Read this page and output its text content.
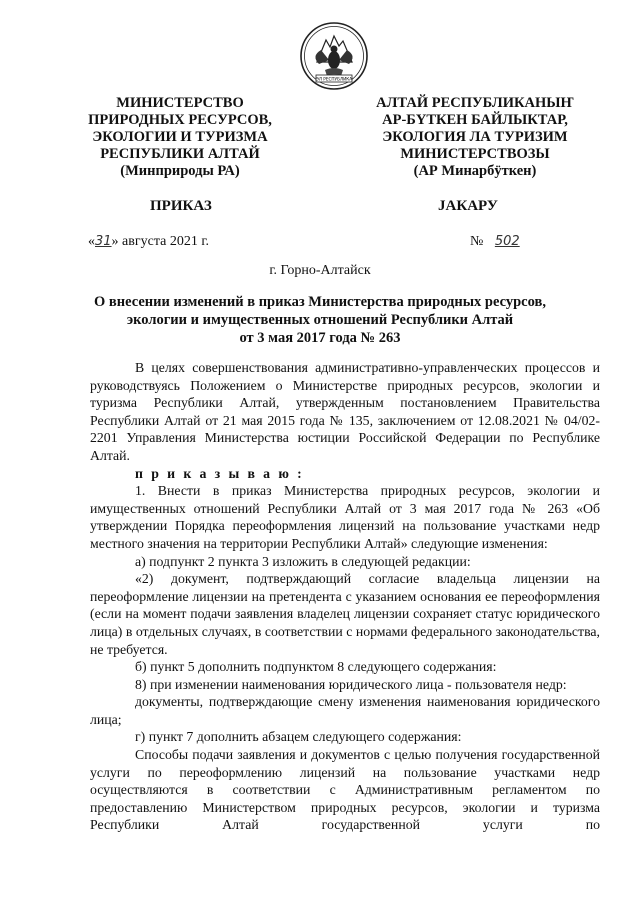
ЭЛ РЕСПУБЛИКА
МИНИСТЕРСТВО
ПРИРОДНЫХ РЕСУРСОВ,
ЭКОЛОГИИ И ТУРИЗМА
РЕСПУБЛИКИ АЛТАЙ
(Минприроды РА)
АЛТАЙ РЕСПУБЛИКАНЫҤ
АР-БҮТКЕН БАЙЛЫКТАР,
ЭКОЛОГИЯ ЛА ТУРИЗИМ
МИНИСТЕРСТВОЗЫ
(АР Минарбӱткен)
ПРИКАЗ	JАКАРУ
«31» августа 2021 г.	№ 502
г. Горно-Алтайск
О внесении изменений в приказ Министерства природных ресурсов,
экологии и имущественных отношений Республики Алтай
от 3 мая 2017 года № 263

В целях совершенствования административно-управленческих процессов и руководствуясь Положением о Министерстве природных ресурсов, экологии и туризма Республики Алтай, утвержденным постановлением Правительства Республики Алтай от 21 мая 2015 года № 135, заключением от 12.08.2021 № 04/02-2201 Управления Министерства юстиции Российской Федерации по Республике Алтай.

п р и к а з ы в а ю :

1. Внести в приказ Министерства природных ресурсов, экологии и имущественных отношений Республики Алтай от 3 мая 2017 года № 263 «Об утверждении Порядка переоформления лицензий на пользование участками недр местного значения на территории Республики Алтай» следующие изменения:

а) подпункт 2 пункта 3 изложить в следующей редакции:

«2) документ, подтверждающий согласие владельца лицензии на переоформление лицензии на претендента с указанием основания ее переоформления (если на момент подачи заявления владелец лицензии сохраняет статус юридического лица) в отдельных случаях, в соответствии с нормами федерального законодательства, не требуется.

б) пункт 5 дополнить подпунктом 8 следующего содержания:

8) при изменении наименования юридического лица - пользователя недр:

документы, подтверждающие смену изменения наименования юридического лица;

г) пункт 7 дополнить абзацем следующего содержания:

Способы подачи заявления и документов с целью получения государственной услуги по переоформлению лицензий на пользование участками недр осуществляются в соответствии с Административным регламентом по предоставлению Министерством природных ресурсов, экологии и туризма Республики Алтай государственной услуги по
